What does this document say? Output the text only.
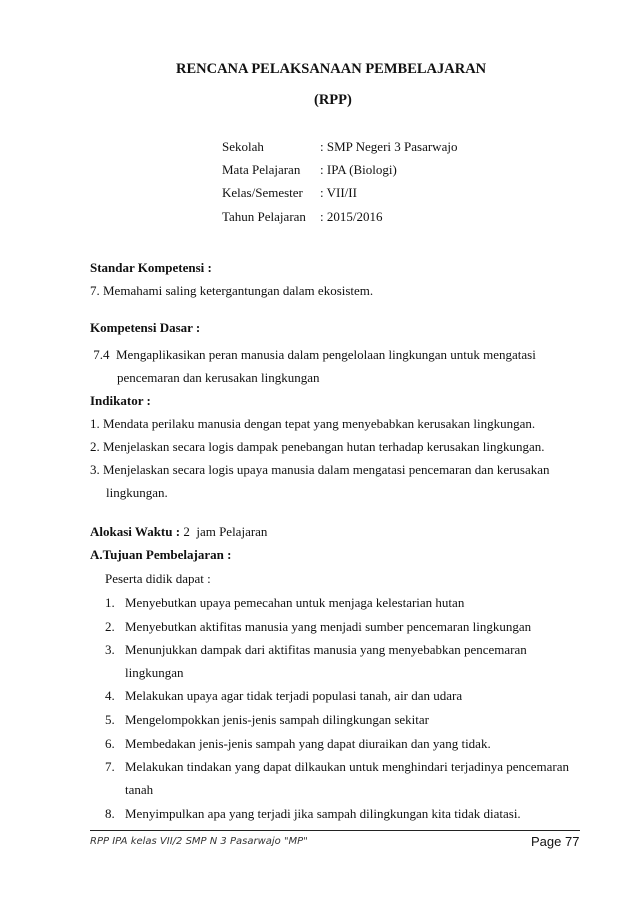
RENCANA PELAKSANAAN PEMBELAJARAN
(RPP)
Sekolah	: SMP Negeri 3 Pasarwajo
Mata Pelajaran : IPA (Biologi)
Kelas/Semester : VII/II
Tahun Pelajaran : 2015/2016
Standar Kompetensi :
7. Memahami saling ketergantungan dalam ekosistem.
Kompetensi Dasar :
7.4  Mengaplikasikan peran manusia dalam pengelolaan lingkungan untuk mengatasi
pencemaran dan kerusakan lingkungan
Indikator :
1. Mendata perilaku manusia dengan tepat yang menyebabkan kerusakan lingkungan.
2. Menjelaskan secara logis dampak penebangan hutan terhadap kerusakan lingkungan.
3. Menjelaskan secara logis upaya manusia dalam mengatasi pencemaran dan kerusakan
lingkungan.
Alokasi Waktu : 2  jam Pelajaran
A.Tujuan Pembelajaran :
Peserta didik dapat :
1. Menyebutkan upaya pemecahan untuk menjaga kelestarian hutan
2. Menyebutkan aktifitas manusia yang menjadi sumber pencemaran lingkungan
3. Menunjukkan dampak dari aktifitas manusia yang menyebabkan pencemaran
lingkungan
4. Melakukan upaya agar tidak terjadi populasi tanah, air dan udara
5. Mengelompokkan jenis-jenis sampah dilingkungan sekitar
6. Membedakan jenis-jenis sampah yang dapat diuraikan dan yang tidak.
7. Melakukan tindakan yang dapat dilkaukan untuk menghindari terjadinya pencemaran
tanah
8. Menyimpulkan apa yang terjadi jika sampah dilingkungan kita tidak diatasi.
RPP IPA kelas VII/2 SMP N 3 Pasarwajo "MP"	Page 77
